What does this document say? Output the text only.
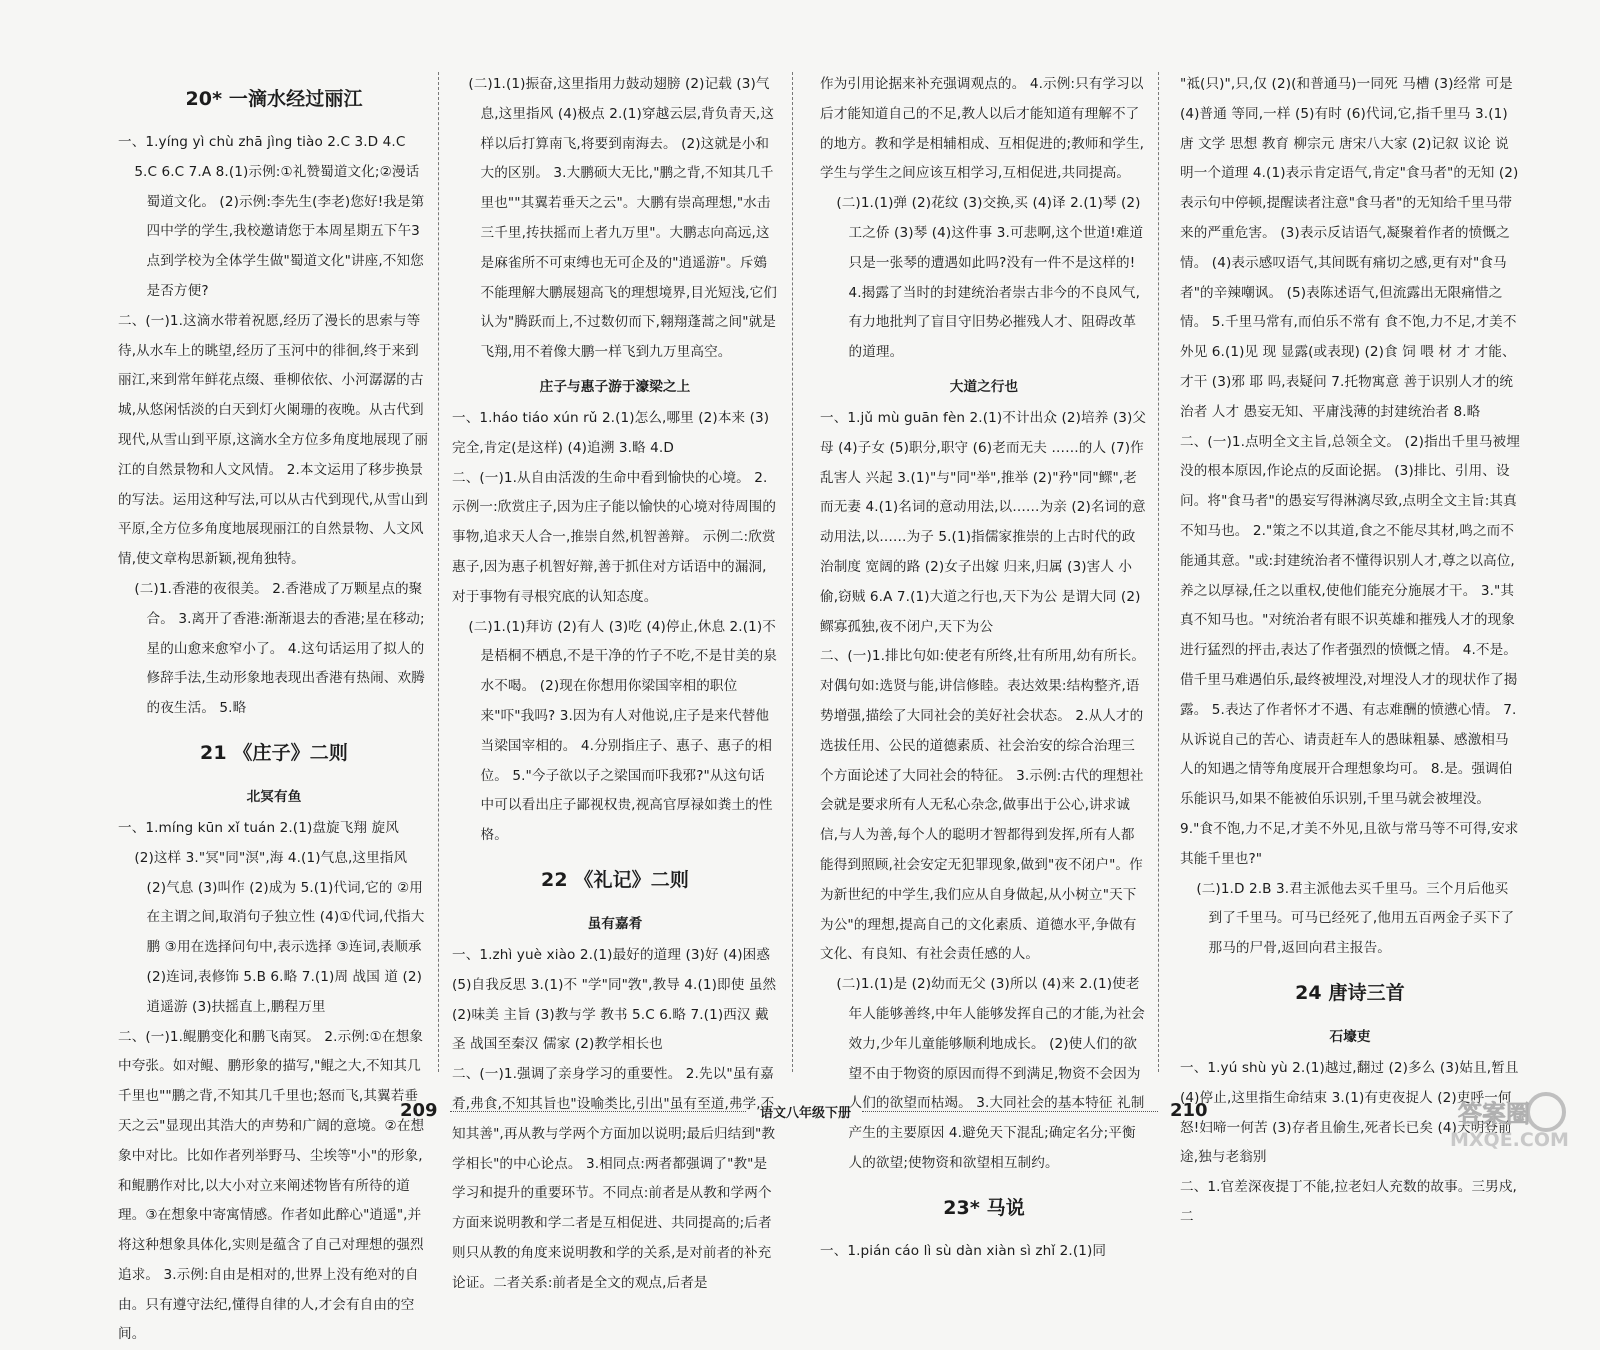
20* 一滴水经过丽江
一、1.yíng yì chù zhā jìng tiào 2.C 3.D 4.C
5.C 6.C 7.A 8.(1)示例:①礼赞蜀道文化;②漫话蜀道文化。 (2)示例:李先生(李老)您好!我是第四中学的学生,我校邀请您于本周星期五下午3点到学校为全体学生做"蜀道文化"讲座,不知您是否方便?
二、(一)1.这滴水带着祝愿,经历了漫长的思索与等待,从水车上的眺望,经历了玉河中的徘徊,终于来到丽江,来到常年鲜花点缀、垂柳依依、小河潺潺的古城,从悠闲恬淡的白天到灯火阑珊的夜晚。从古代到现代,从雪山到平原,这滴水全方位多角度地展现了丽江的自然景物和人文风情。 2.本文运用了移步换景的写法。运用这种写法,可以从古代到现代,从雪山到平原,全方位多角度地展现丽江的自然景物、人文风情,使文章构思新颖,视角独特。
(二)1.香港的夜很美。 2.香港成了万颗星点的聚合。 3.离开了香港:渐渐退去的香港;星在移动;星的山愈来愈窄小了。 4.这句话运用了拟人的修辞手法,生动形象地表现出香港有热闹、欢腾的夜生活。 5.略
21 《庄子》二则
北冥有鱼
一、1.míng kūn xǐ tuán 2.(1)盘旋飞翔 旋风
(2)这样 3."冥"同"溟",海 4.(1)气息,这里指风 (2)气息 (3)叫作 (2)成为 5.(1)代词,它的 ②用在主谓之间,取消句子独立性 (4)①代词,代指大鹏 ③用在选择问句中,表示选择 ③连词,表顺承 (2)连词,表修饰 5.B 6.略 7.(1)周 战国 道 (2)逍遥游 (3)扶摇直上,鹏程万里
二、(一)1.鲲鹏变化和鹏飞南冥。 2.示例:①在想象中夸张。如对鲲、鹏形象的描写,"鲲之大,不知其几千里也""鹏之背,不知其几千里也;怒而飞,其翼若垂天之云"显现出其浩大的声势和广阔的意境。②在想象中对比。比如作者列举野马、尘埃等"小"的形象,和鲲鹏作对比,以大小对立来阐述物皆有所待的道理。③在想象中寄寓情感。作者如此醉心"逍遥",并将这种想象具体化,实则是蕴含了自己对理想的强烈追求。 3.示例:自由是相对的,世界上没有绝对的自由。只有遵守法纪,懂得自律的人,才会有自由的空间。
(二)1.(1)振奋,这里指用力鼓动翅膀 (2)记载 (3)气息,这里指风 (4)极点 2.(1)穿越云层,背负青天,这样以后打算南飞,将要到南海去。 (2)这就是小和大的区别。 3.大鹏硕大无比,"鹏之背,不知其几千里也""其翼若垂天之云"。大鹏有崇高理想,"水击三千里,抟扶摇而上者九万里"。大鹏志向高远,这是麻雀所不可束缚也无可企及的"逍遥游"。斥鴳不能理解大鹏展翅高飞的理想境界,目光短浅,它们认为"腾跃而上,不过数仞而下,翱翔蓬蒿之间"就是飞翔,用不着像大鹏一样飞到九万里高空。
庄子与惠子游于濠梁之上
一、1.háo tiáo xún rǔ 2.(1)怎么,哪里 (2)本来 (3)完全,肯定(是这样) (4)追溯 3.略 4.D
二、(一)1.从自由活泼的生命中看到愉快的心境。 2.示例一:欣赏庄子,因为庄子能以愉快的心境对待周围的事物,追求天人合一,推崇自然,机智善辩。 示例二:欣赏惠子,因为惠子机智好辩,善于抓住对方话语中的漏洞,对于事物有寻根究底的认知态度。
(二)1.(1)拜访 (2)有人 (3)吃 (4)停止,休息 2.(1)不是梧桐不栖息,不是干净的竹子不吃,不是甘美的泉水不喝。 (2)现在你想用你梁国宰相的职位来"吓"我吗? 3.因为有人对他说,庄子是来代替他当梁国宰相的。 4.分别指庄子、惠子、惠子的相位。 5."今子欲以子之梁国而吓我邪?"从这句话中可以看出庄子鄙视权贵,视高官厚禄如粪土的性格。
22 《礼记》二则
虽有嘉肴
一、1.zhì yuè xiào 2.(1)最好的道理 (3)好 (4)困惑 (5)自我反思 3.(1)不 "学"同"敩",教导 4.(1)即使 虽然 (2)味美 主旨 (3)教与学 教书 5.C 6.略 7.(1)西汉 戴圣 战国至秦汉 儒家 (2)教学相长也
二、(一)1.强调了亲身学习的重要性。 2.先以"虽有嘉肴,弗食,不知其旨也"设喻类比,引出"虽有至道,弗学,不知其善",再从教与学两个方面加以说明;最后归结到"教学相长"的中心论点。 3.相同点:两者都强调了"教"是学习和提升的重要环节。不同点:前者是从教和学两个方面来说明教和学二者是互相促进、共同提高的;后者则只从教的角度来说明教和学的关系,是对前者的补充论证。二者关系:前者是全文的观点,后者是
作为引用论据来补充强调观点的。 4.示例:只有学习以后才能知道自己的不足,教人以后才能知道有理解不了的地方。教和学是相辅相成、互相促进的;教师和学生,学生与学生之间应该互相学习,互相促进,共同提高。
(二)1.(1)弹 (2)花纹 (3)交换,买 (4)译 2.(1)琴 (2)工之侨 (3)琴 (4)这件事 3.可悲啊,这个世道!难道只是一张琴的遭遇如此吗?没有一件不是这样的! 4.揭露了当时的封建统治者崇古非今的不良风气,有力地批判了盲目守旧势必摧残人才、阻碍改革的道理。
大道之行也
一、1.jǔ mù guān fèn 2.(1)不计出众 (2)培养 (3)父母 (4)子女 (5)职分,职守 (6)老而无夫 ……的人 (7)作乱害人 兴起 3.(1)"与"同"举",推举 (2)"矜"同"鳏",老而无妻 4.(1)名词的意动用法,以……为亲 (2)名词的意动用法,以……为子 5.(1)指儒家推崇的上古时代的政治制度 宽阔的路 (2)女子出嫁 归来,归属 (3)害人 小偷,窃贼 6.A 7.(1)大道之行也,天下为公 是谓大同 (2)鳏寡孤独,夜不闭户,天下为公
二、(一)1.排比句如:使老有所终,壮有所用,幼有所长。对偶句如:选贤与能,讲信修睦。表达效果:结构整齐,语势增强,描绘了大同社会的美好社会状态。 2.从人才的选拔任用、公民的道德素质、社会治安的综合治理三个方面论述了大同社会的特征。 3.示例:古代的理想社会就是要求所有人无私心杂念,做事出于公心,讲求诚信,与人为善,每个人的聪明才智都得到发挥,所有人都能得到照顾,社会安定无犯罪现象,做到"夜不闭户"。作为新世纪的中学生,我们应从自身做起,从小树立"天下为公"的理想,提高自己的文化素质、道德水平,争做有文化、有良知、有社会责任感的人。
(二)1.(1)是 (2)幼而无父 (3)所以 (4)来 2.(1)使老年人能够善终,中年人能够发挥自己的才能,为社会效力,少年儿童能够顺利地成长。 (2)使人们的欲望不由于物资的原因而得不到满足,物资不会因为人们的欲望而枯竭。 3.大同社会的基本特征 礼制产生的主要原因 4.避免天下混乱;确定名分;平衡人的欲望;使物资和欲望相互制约。
23* 马说
一、1.pián cáo lì sù dàn xiàn sì zhǐ 2.(1)同
"祗(只)",只,仅 (2)(和普通马)一同死 马槽 (3)经常 可是 (4)普通 等同,一样 (5)有时 (6)代词,它,指千里马 3.(1)唐 文学 思想 教育 柳宗元 唐宋八大家 (2)记叙 议论 说明一个道理 4.(1)表示肯定语气,肯定"食马者"的无知 (2)表示句中停顿,提醒读者注意"食马者"的无知给千里马带来的严重危害。 (3)表示反诘语气,凝聚着作者的愤慨之情。 (4)表示感叹语气,其间既有痛切之感,更有对"食马者"的辛辣嘲讽。 (5)表陈述语气,但流露出无限痛惜之情。 5.千里马常有,而伯乐不常有 食不饱,力不足,才美不外见 6.(1)见 现 显露(或表现) (2)食 饲 喂 材 才 才能、才干 (3)邪 耶 吗,表疑问 7.托物寓意 善于识别人才的统治者 人才 愚妄无知、平庸浅薄的封建统治者 8.略
二、(一)1.点明全文主旨,总领全文。 (2)指出千里马被埋没的根本原因,作论点的反面论据。 (3)排比、引用、设问。将"食马者"的愚妄写得淋漓尽致,点明全文主旨:其真不知马也。 2."策之不以其道,食之不能尽其材,鸣之而不能通其意。"或:封建统治者不懂得识别人才,尊之以高位,养之以厚禄,任之以重权,使他们能充分施展才干。 3."其真不知马也。"对统治者有眼不识英雄和摧残人才的现象进行猛烈的抨击,表达了作者强烈的愤慨之情。 4.不是。借千里马难遇伯乐,最终被埋没,对埋没人才的现状作了揭露。 5.表达了作者怀才不遇、有志难酬的愤懑心情。 7.从诉说自己的苦心、请责赶车人的愚昧粗暴、感激相马人的知遇之情等角度展开合理想象均可。 8.是。强调伯乐能识马,如果不能被伯乐识别,千里马就会被埋没。 9."食不饱,力不足,才美不外见,且欲与常马等不可得,安求其能千里也?"
(二)1.D 2.B 3.君主派他去买千里马。三个月后他买到了千里马。可马已经死了,他用五百两金子买下了那马的尸骨,返回向君主报告。
24 唐诗三首
石壕吏
一、1.yú shù yù 2.(1)越过,翻过 (2)多么 (3)姑且,暂且 (4)停止,这里指生命结束 3.(1)有吏夜捉人 (2)吏呼一何怒!妇啼一何苦 (3)存者且偷生,死者长已矣 (4)天明登前途,独与老翁别
二、1.官差深夜提丁不能,拉老妇人充数的故事。三男戍,二
209	语文八年级下册	210	答案圈
MXQE.COM
